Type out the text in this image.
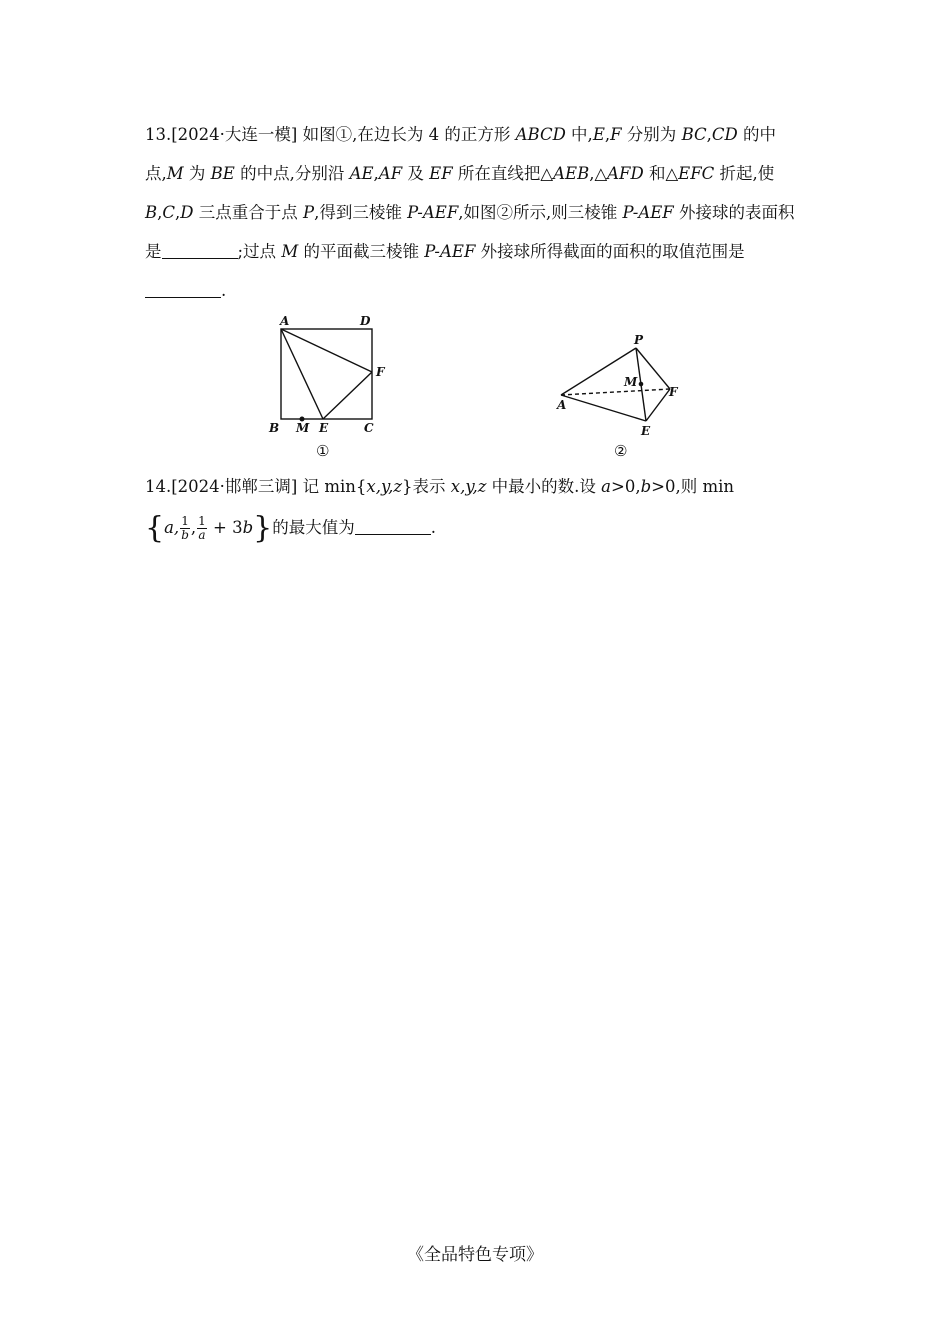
13.[2024·大连一模] 如图①,在边长为 4 的正方形 ABCD 中,E,F 分别为 BC,CD 的中点,M 为 BE 的中点,分别沿 AE,AF 及 EF 所在直线把△AEB,△AFD 和△EFC 折起,使 B,C,D 三点重合于点 P,得到三棱锥 P-AEF,如图②所示,则三棱锥 P-AEF 外接球的表面积是	;过点 M 的平面截三棱锥 P-AEF 外接球所得截面的面积的取值范围是.
A	D
F
B M E	C
①
P
M
F
A
E
②
14.[2024·邯郸三调] 记 min{x,y,z}表示 x,y,z 中最小的数.设 a>0,b>0,则 min
{a, $\frac{1}{b}$ , $\frac{1}{a} + 3b$}的最大值为	.
《全品特色专项》
